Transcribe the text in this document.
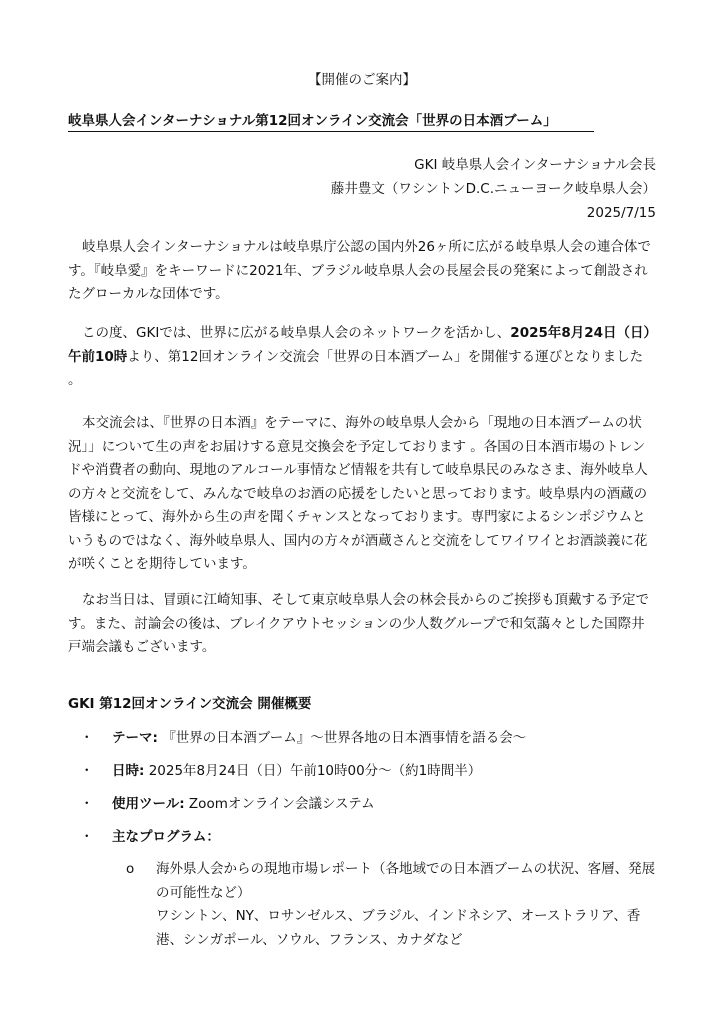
【開催のご案内】
岐阜県人会インターナショナル第12回オンライン交流会「世界の日本酒ブーム」
GKI 岐阜県人会インターナショナル会長
藤井豊文（ワシントンD.C.ニューヨーク岐阜県人会）
2025/7/15
岐阜県人会インターナショナルは岐阜県庁公認の国内外26ヶ所に広がる岐阜県人会の連合体です。『岐阜愛』をキーワードに2021年、ブラジル岐阜県人会の長屋会長の発案によって創設されたグローカルな団体です。
この度、GKIでは、世界に広がる岐阜県人会のネットワークを活かし、2025年8月24日（日）午前10時より、第12回オンライン交流会「世界の日本酒ブーム」を開催する運びとなりました 。
本交流会は、『世界の日本酒』をテーマに、海外の岐阜県人会から「現地の日本酒ブームの状況」」について生の声をお届けする意見交換会を予定しております 。各国の日本酒市場のトレンドや消費者の動向、現地のアルコール事情など情報を共有して岐阜県民のみなさま、海外岐阜人の方々と交流をして、みんなで岐阜のお酒の応援をしたいと思っております。岐阜県内の酒蔵の皆様にとって、海外から生の声を聞くチャンスとなっております。専門家によるシンポジウムというものではなく、海外岐阜県人、国内の方々が酒蔵さんと交流をしてワイワイとお酒談義に花が咲くことを期待しています。
なお当日は、冒頭に江崎知事、そして東京岐阜県人会の林会長からのご挨拶も頂戴する予定です。また、討論会の後は、ブレイクアウトセッションの少人数グループで和気藹々とした国際井戸端会議もございます。
GKI 第12回オンライン交流会 開催概要
・	テーマ: 『世界の日本酒ブーム』〜世界各地の日本酒事情を語る会〜
・	日時: 2025年8月24日（日）午前10時00分〜（約1時間半）
・	使用ツール: Zoomオンライン会議システム
・	主なプログラム：
o	海外県人会からの現地市場レポート（各地域での日本酒ブームの状況、客層、発展の可能性など）
ワシントン、NY、ロサンゼルス、ブラジル、インドネシア、オーストラリア、香港、シンガポール、ソウル、フランス、カナダなど
